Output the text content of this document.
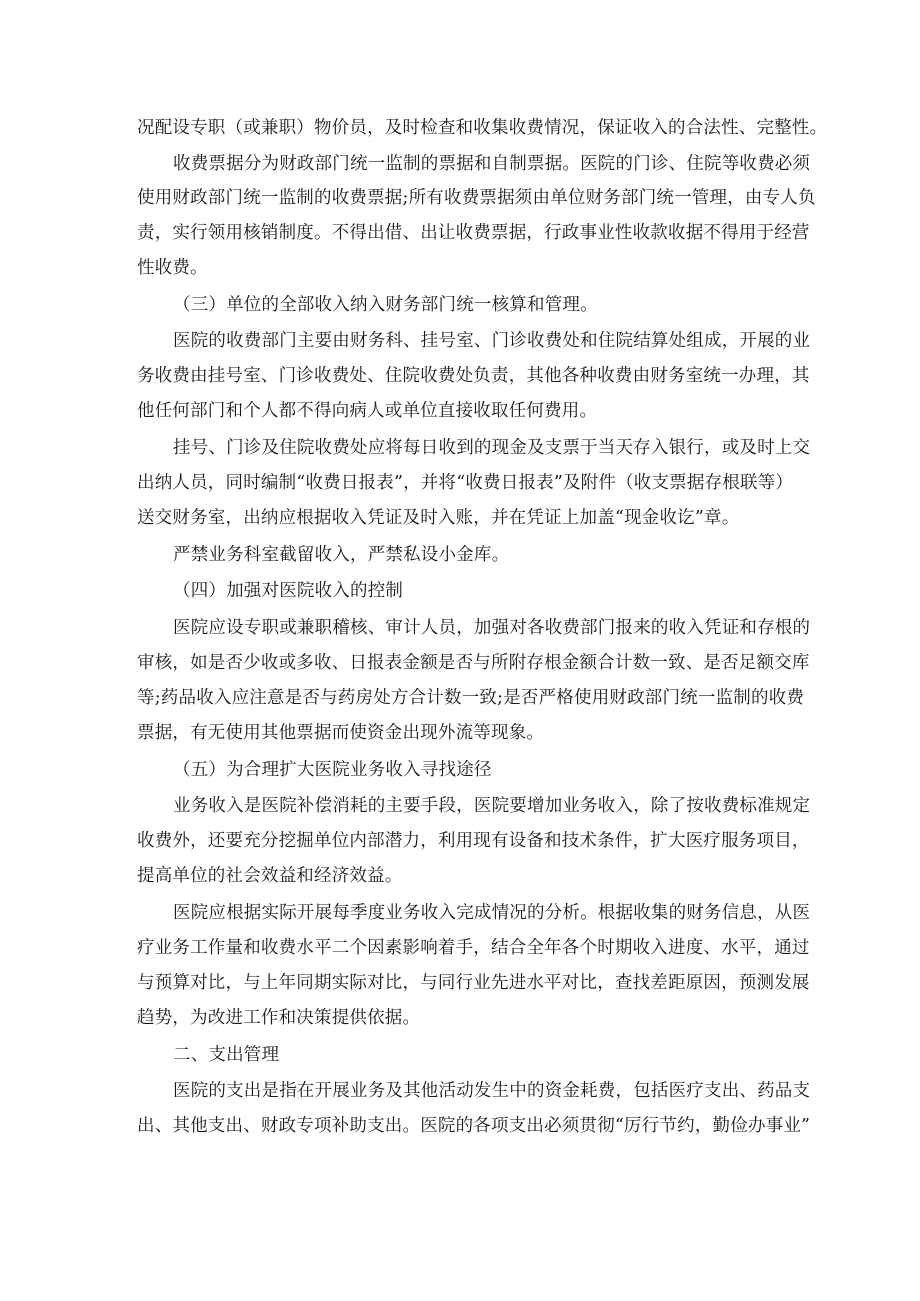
况配设专职（或兼职）物价员，及时检查和收集收费情况，保证收入的合法性、完整性。
收费票据分为财政部门统一监制的票据和自制票据。医院的门诊、住院等收费必须
使用财政部门统一监制的收费票据;所有收费票据须由单位财务部门统一管理，由专人负
责，实行领用核销制度。不得出借、出让收费票据，行政事业性收款收据不得用于经营
性收费。
（三）单位的全部收入纳入财务部门统一核算和管理。
医院的收费部门主要由财务科、挂号室、门诊收费处和住院结算处组成，开展的业
务收费由挂号室、门诊收费处、住院收费处负责，其他各种收费由财务室统一办理，其
他任何部门和个人都不得向病人或单位直接收取任何费用。
挂号、门诊及住院收费处应将每日收到的现金及支票于当天存入银行，或及时上交
出纳人员，同时编制“收费日报表”，并将“收费日报表”及附件（收支票据存根联等）
送交财务室，出纳应根据收入凭证及时入账，并在凭证上加盖“现金收讫”章。
严禁业务科室截留收入，严禁私设小金库。
（四）加强对医院收入的控制
医院应设专职或兼职稽核、审计人员，加强对各收费部门报来的收入凭证和存根的
审核，如是否少收或多收、日报表金额是否与所附存根金额合计数一致、是否足额交库
等;药品收入应注意是否与药房处方合计数一致;是否严格使用财政部门统一监制的收费
票据，有无使用其他票据而使资金出现外流等现象。
（五）为合理扩大医院业务收入寻找途径
业务收入是医院补偿消耗的主要手段，医院要增加业务收入，除了按收费标准规定
收费外，还要充分挖掘单位内部潜力，利用现有设备和技术条件，扩大医疗服务项目，
提高单位的社会效益和经济效益。
医院应根据实际开展每季度业务收入完成情况的分析。根据收集的财务信息，从医
疗业务工作量和收费水平二个因素影响着手，结合全年各个时期收入进度、水平，通过
与预算对比，与上年同期实际对比，与同行业先进水平对比，查找差距原因，预测发展
趋势，为改进工作和决策提供依据。
二、支出管理
医院的支出是指在开展业务及其他活动发生中的资金耗费，包括医疗支出、药品支
出、其他支出、财政专项补助支出。医院的各项支出必须贯彻“厉行节约，勤俭办事业”
